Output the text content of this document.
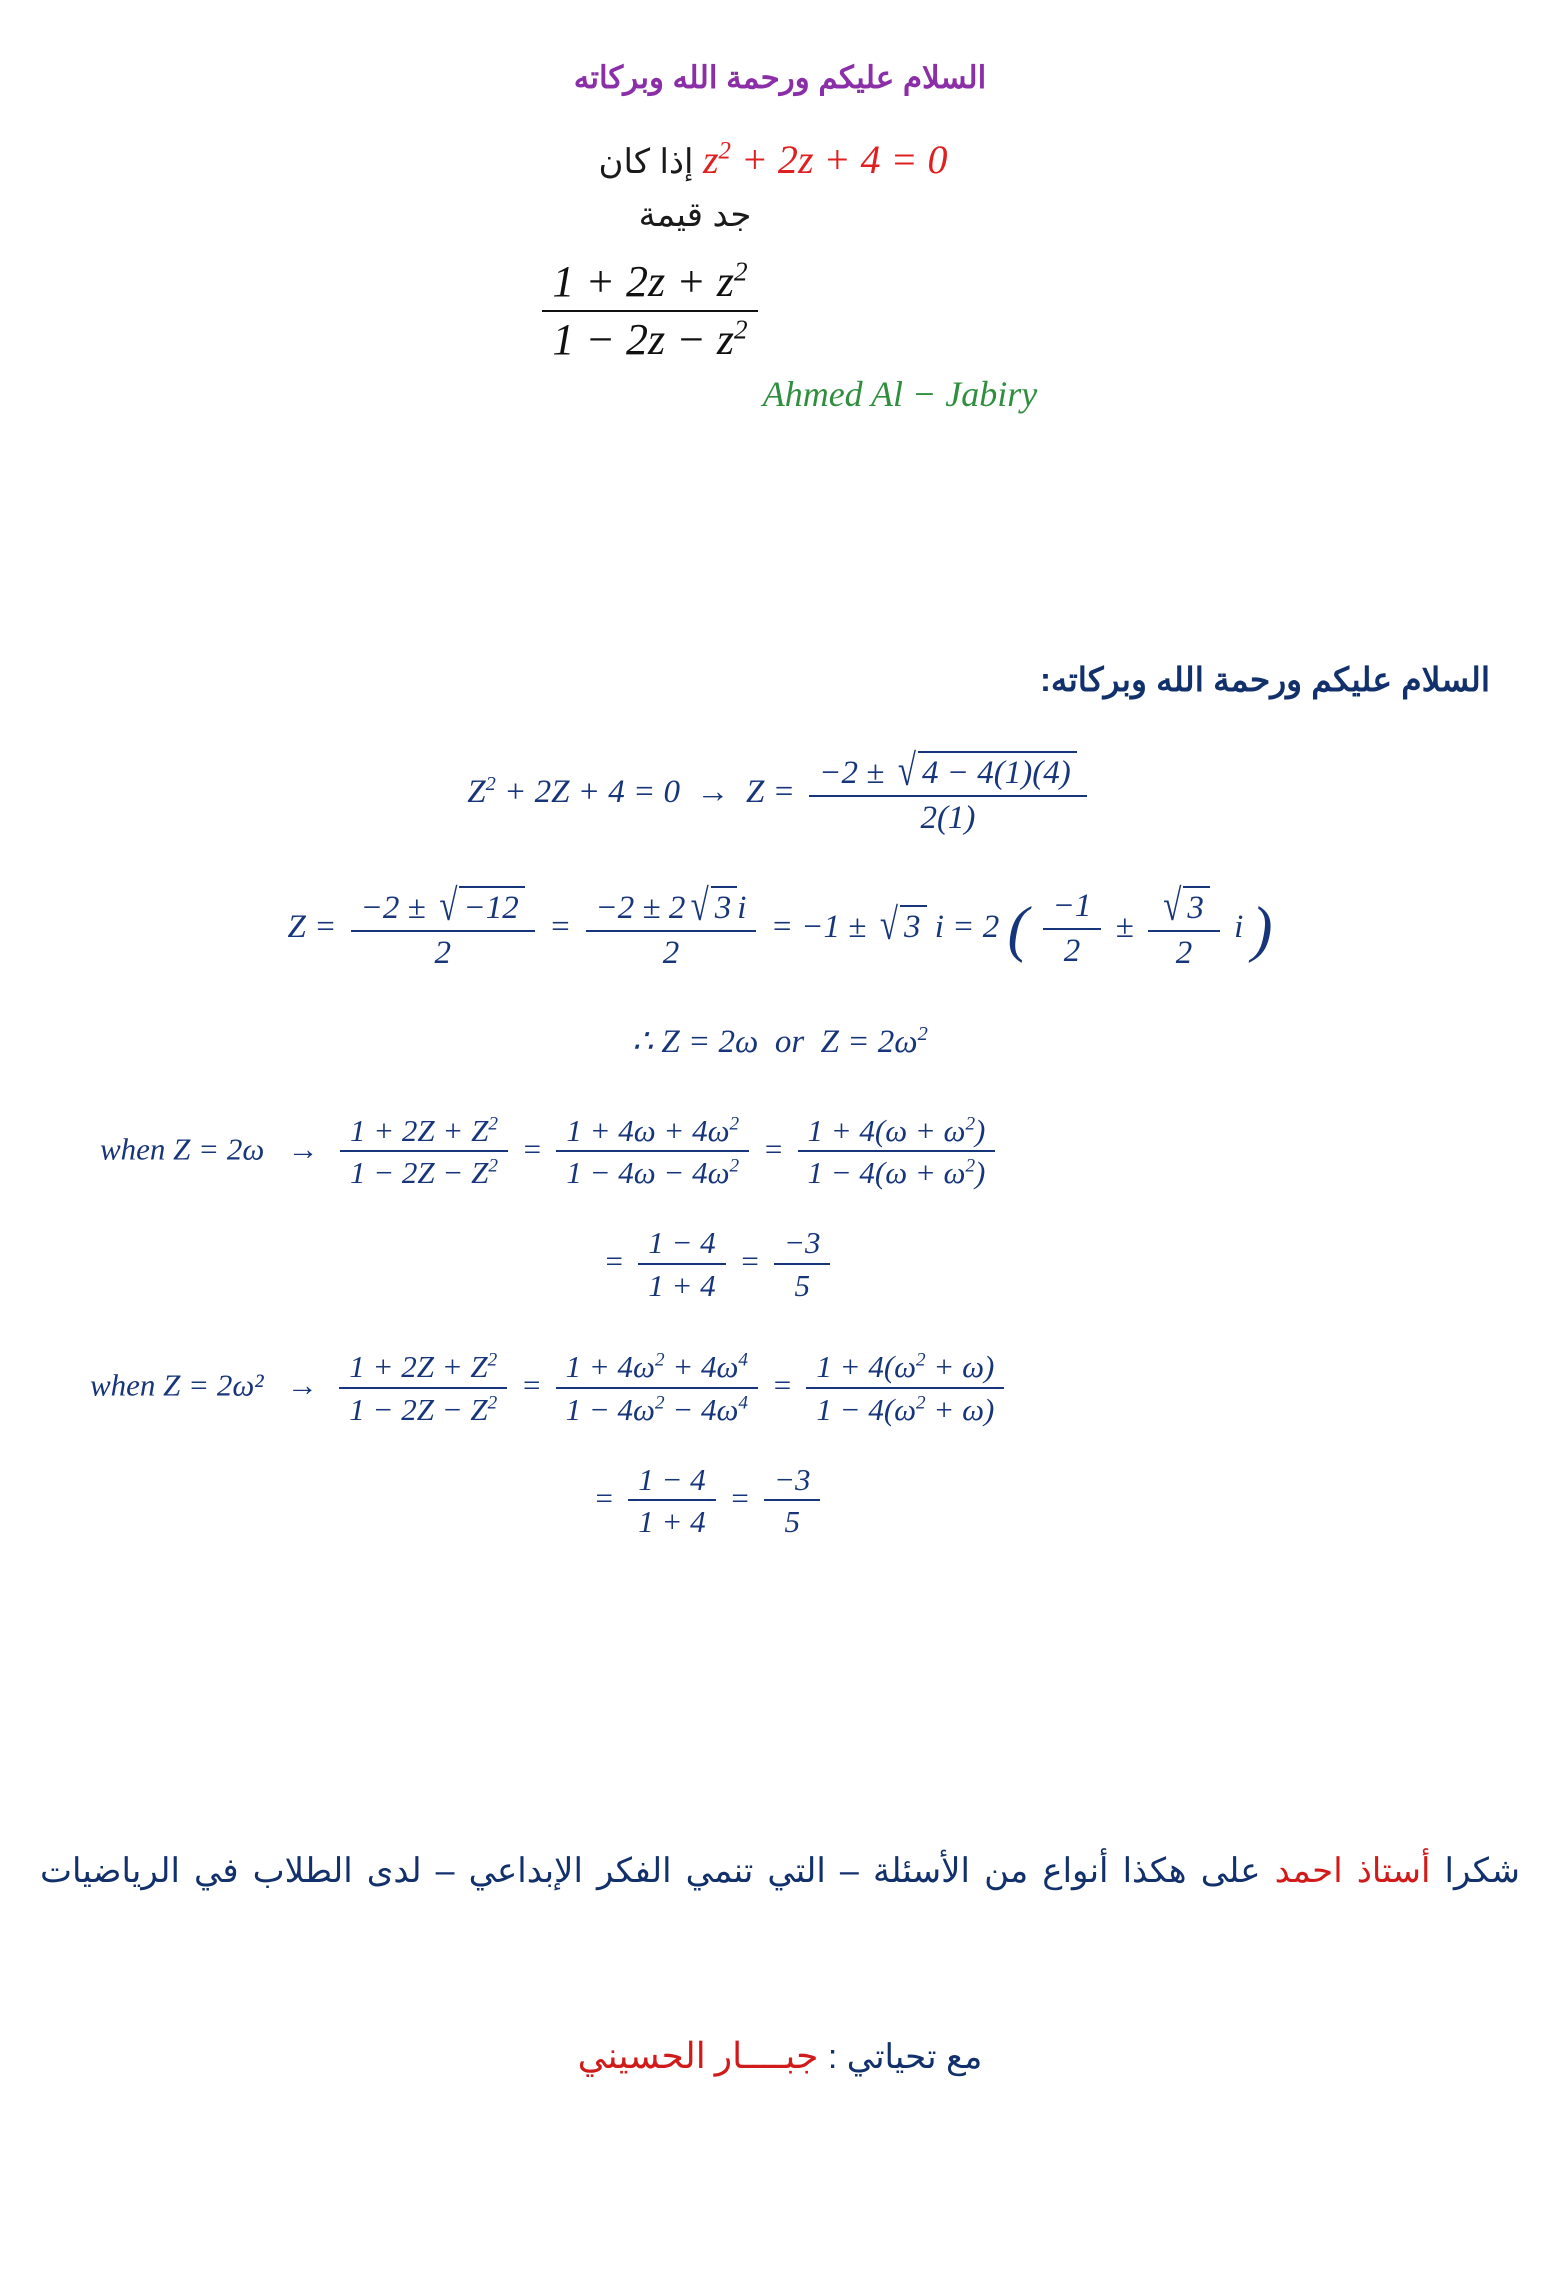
السلام عليكم ورحمة الله وبركاته
$z^2 + 2z + 4 = 0$ إذا كان
جد قيمة
$\frac{1 + 2z + z^2}{1 - 2z - z^2}$
Ahmed Al − Jabiry
السلام عليكم ورحمة الله وبركاته:
$Z^2 + 2Z + 4 = 0 \to Z = \frac{-2 \pm √ 4 - 4(1)(4)}{2(1)}$
$Z = \frac{-2 \pm √ -12}{2} = \frac{-2 \pm 2 √ 3 i}{2} = -1$ ± √ 3 i = 2 ( $\frac{-1}{2} \pm \frac{√ 3}{2}$ i )
∴ Z = 2ω  or  $Z = 2\omega^2$
when $Z = 2\omega \to \frac{1 + 2Z + Z^2}{1 - 2Z - Z^2} = \frac{1 + 4\omega + 4\omega^2}{1 - 4\omega - 4\omega^2} = \frac{1 + 4(\omega + \omega^2)}{1 - 4(\omega + \omega^2)}$
= $\frac{1 - 4}{1 + 4} = \frac{-3}{5}$
when $Z = 2\omega^2 \to \frac{1 + 2Z + Z^2}{1 - 2Z - Z^2} = \frac{1 + 4\omega^2 + 4\omega^4}{1 - 4\omega^2 - 4\omega^4} = \frac{1 + 4(\omega^2 + \omega)}{1 - 4(\omega^2 + \omega)}$
= $\frac{1 - 4}{1 + 4} = \frac{-3}{5}$
شكرا أستاذ احمد على هكذا أنواع من الأسئلة – التي تنمي الفكر الإبداعي – لدى الطلاب في الرياضيات
مع تحياتي : جبــــار الحسيني
